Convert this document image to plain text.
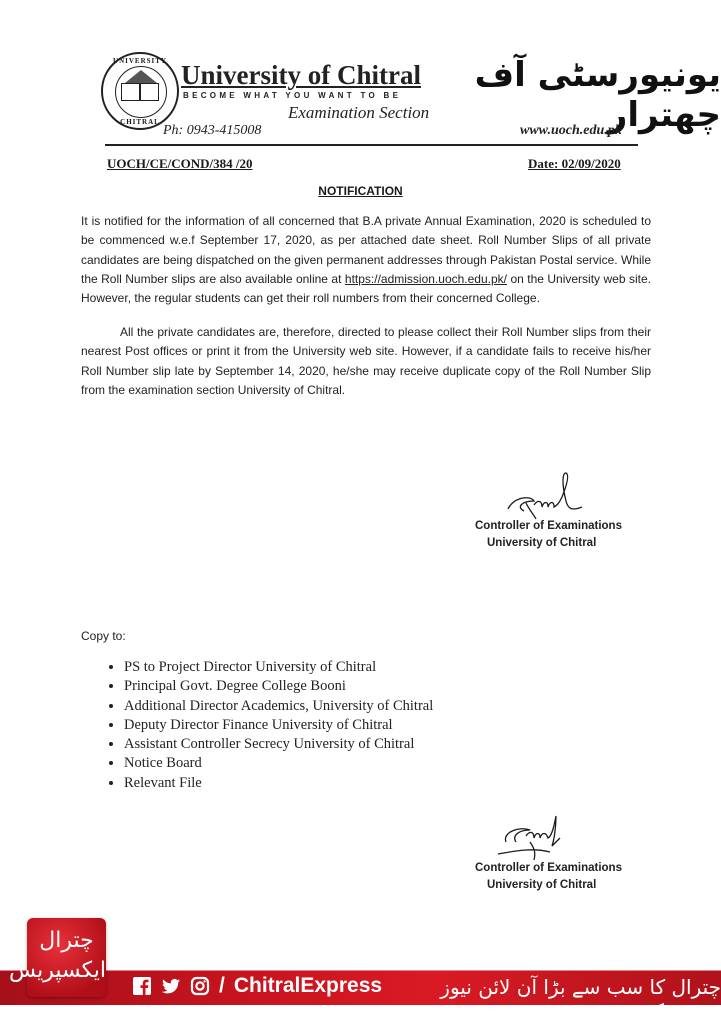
UNIVERSITY
CHITRAL
University of Chitral
BECOME WHAT YOU WANT TO BE
یونیورسٹی آف چھترار
Examination Section
Ph: 0943-415008	www.uoch.edu.pk
UOCH/CE/COND/384 /20	Date: 02/09/2020
NOTIFICATION
It is notified for the information of all concerned that B.A private Annual Examination, 2020 is scheduled to be commenced w.e.f September 17, 2020, as per attached date sheet. Roll Number Slips of all private candidates are being dispatched on the given permanent addresses through Pakistan Postal service. While the Roll Number slips are also available online at https://admission.uoch.edu.pk/ on the University web site. However, the regular students can get their roll numbers from their concerned College.
All the private candidates are, therefore, directed to please collect their Roll Number slips from their nearest Post offices or print it from the University web site. However, if a candidate fails to receive his/her Roll Number slip late by September 14, 2020, he/she may receive duplicate copy of the Roll Number Slip from the examination section University of Chitral.
Controller of Examinations
University of Chitral
Copy to:
• PS to Project Director University of Chitral
• Principal Govt. Degree College Booni
• Additional Director Academics, University of Chitral
• Deputy Director Finance University of Chitral
• Assistant Controller Secrecy University of Chitral
• Notice Board
• Relevant File
Controller of Examinations
University of Chitral
چترال ایکسپریس
/ ChitralExpress	چترال کا سب سے بڑا آن لائن نیوز نیٹ ورک
